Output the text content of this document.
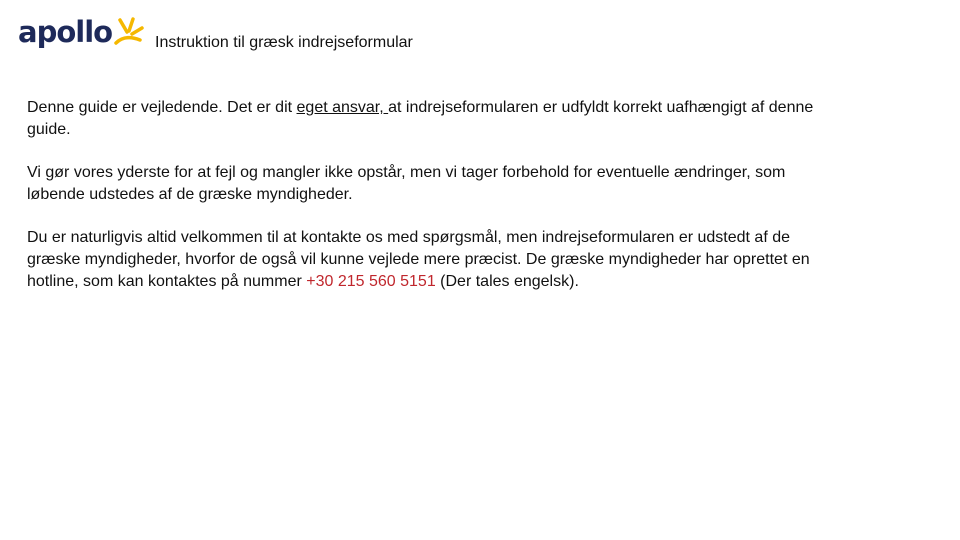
apollo	Instruktion til græsk indrejseformular

Denne guide er vejledende. Det er dit eget ansvar, at indrejseformularen er udfyldt korrekt uafhængigt af denne guide.

Vi gør vores yderste for at fejl og mangler ikke opstår, men vi tager forbehold for eventuelle ændringer, som løbende udstedes af de græske myndigheder.

Du er naturligvis altid velkommen til at kontakte os med spørgsmål, men indrejseformularen er udstedt af de græske myndigheder, hvorfor de også vil kunne vejlede mere præcist. De græske myndigheder har oprettet en hotline, som kan kontaktes på nummer +30 215 560 5151 (Der tales engelsk).
